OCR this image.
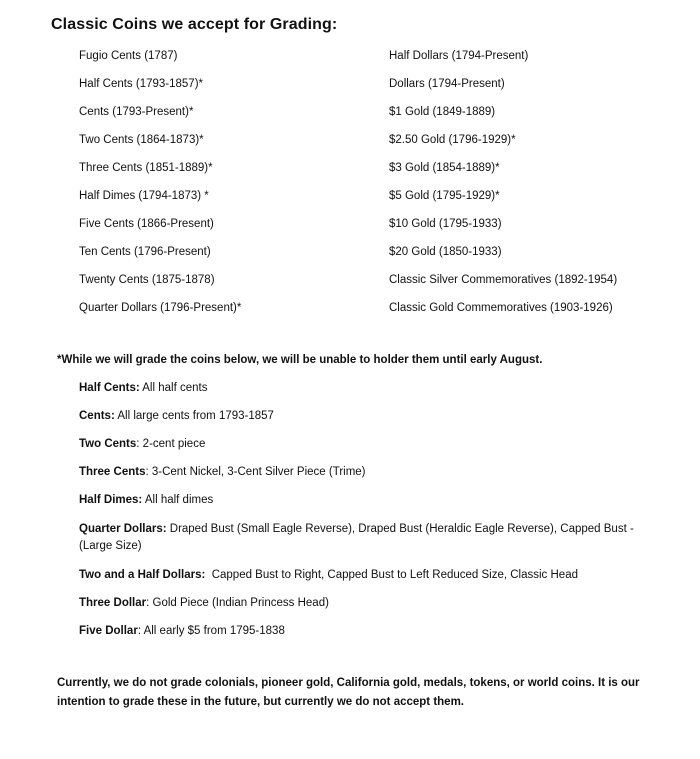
Classic Coins we accept for Grading:
Fugio Cents (1787)
Half Cents (1793-1857)*
Cents (1793-Present)*
Two Cents (1864-1873)*
Three Cents (1851-1889)*
Half Dimes (1794-1873) *
Five Cents (1866-Present)
Ten Cents (1796-Present)
Twenty Cents (1875-1878)
Quarter Dollars (1796-Present)*
Half Dollars (1794-Present)
Dollars (1794-Present)
$1 Gold (1849-1889)
$2.50 Gold (1796-1929)*
$3 Gold (1854-1889)*
$5 Gold (1795-1929)*
$10 Gold (1795-1933)
$20 Gold (1850-1933)
Classic Silver Commemoratives (1892-1954)
Classic Gold Commemoratives (1903-1926)
*While we will grade the coins below, we will be unable to holder them until early August.
Half Cents: All half cents
Cents: All large cents from 1793-1857
Two Cents: 2-cent piece
Three Cents: 3-Cent Nickel, 3-Cent Silver Piece (Trime)
Half Dimes: All half dimes
Quarter Dollars: Draped Bust (Small Eagle Reverse), Draped Bust (Heraldic Eagle Reverse), Capped Bust - (Large Size)
Two and a Half Dollars:  Capped Bust to Right, Capped Bust to Left Reduced Size, Classic Head
Three Dollar: Gold Piece (Indian Princess Head)
Five Dollar: All early $5 from 1795-1838
Currently, we do not grade colonials, pioneer gold, California gold, medals, tokens, or world coins. It is our intention to grade these in the future, but currently we do not accept them.
